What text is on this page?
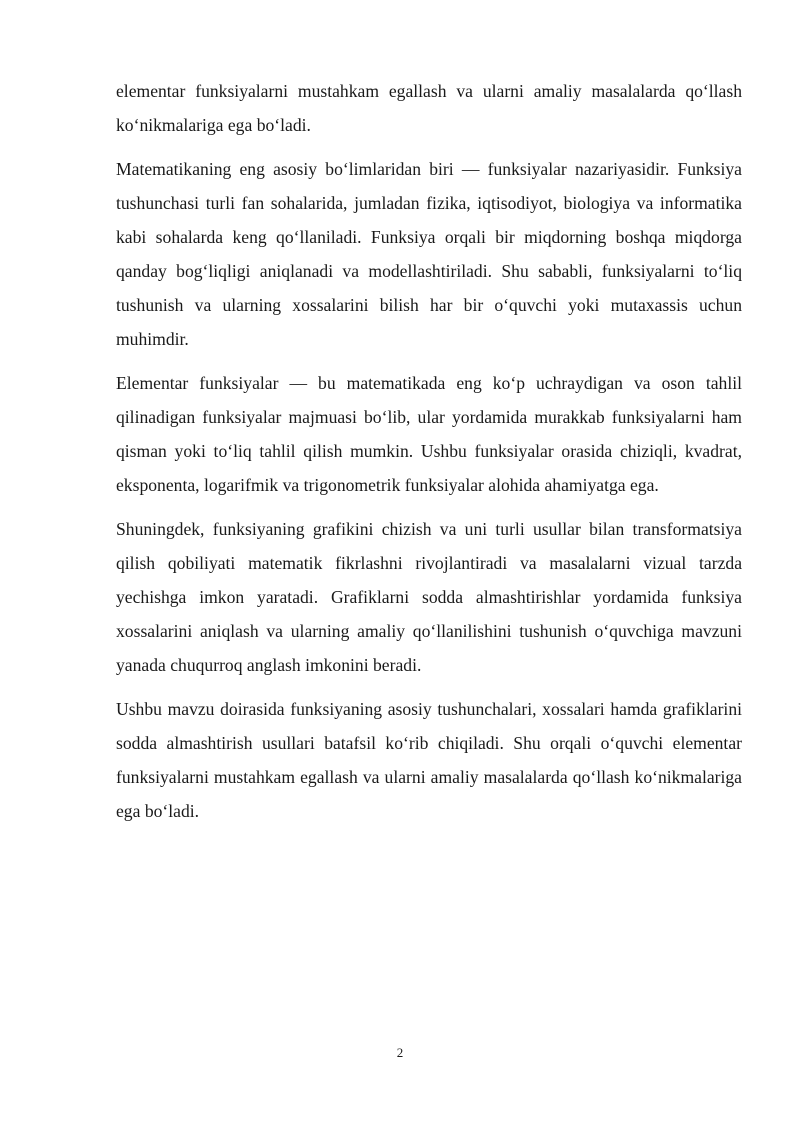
elementar funksiyalarni mustahkam egallash va ularni amaliy masalalarda qo‘llash ko‘nikmalariga ega bo‘ladi.

Matematikaning eng asosiy bo‘limlaridan biri — funksiyalar nazariyasidir. Funksiya tushunchasi turli fan sohalarida, jumladan fizika, iqtisodiyot, biologiya va informatika kabi sohalarda keng qo‘llaniladi. Funksiya orqali bir miqdorning boshqa miqdorga qanday bog‘liqligi aniqlanadi va modellashtiriladi. Shu sababli, funksiyalarni to‘liq tushunish va ularning xossalarini bilish har bir o‘quvchi yoki mutaxassis uchun muhimdir.

Elementar funksiyalar — bu matematikada eng ko‘p uchraydigan va oson tahlil qilinadigan funksiyalar majmuasi bo‘lib, ular yordamida murakkab funksiyalarni ham qisman yoki to‘liq tahlil qilish mumkin. Ushbu funksiyalar orasida chiziqli, kvadrat, eksponenta, logarifmik va trigonometrik funksiyalar alohida ahamiyatga ega.

Shuningdek, funksiyaning grafikini chizish va uni turli usullar bilan transformatsiya qilish qobiliyati matematik fikrlashni rivojlantiradi va masalalarni vizual tarzda yechishga imkon yaratadi. Grafiklarni sodda almashtirishlar yordamida funksiya xossalarini aniqlash va ularning amaliy qo‘llanilishini tushunish o‘quvchiga mavzuni yanada chuqurroq anglash imkonini beradi.

Ushbu mavzu doirasida funksiyaning asosiy tushunchalari, xossalari hamda grafiklarini sodda almashtirish usullari batafsil ko‘rib chiqiladi. Shu orqali o‘quvchi elementar funksiyalarni mustahkam egallash va ularni amaliy masalalarda qo‘llash ko‘nikmalariga ega bo‘ladi.

2
